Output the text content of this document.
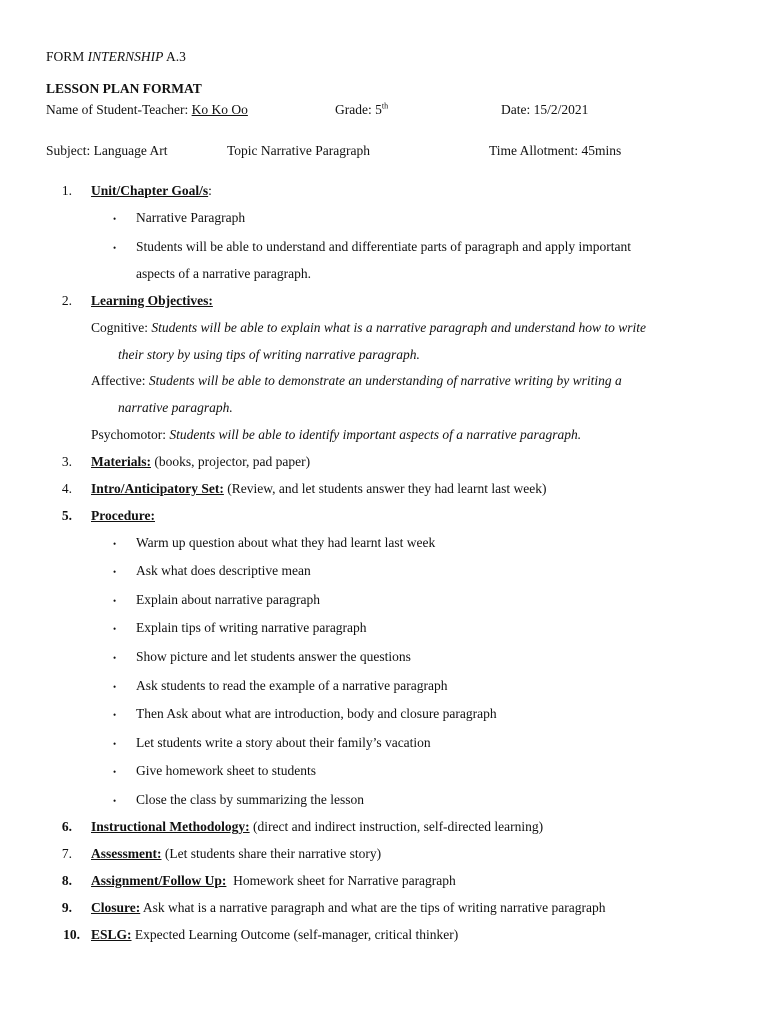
FORM INTERNSHIP A.3
LESSON PLAN FORMAT
Name of Student-Teacher: Ko Ko Oo	Grade: 5th	Date: 15/2/2021
Subject: Language Art	Topic Narrative Paragraph	Time Allotment: 45mins
1. Unit/Chapter Goal/s:
• Narrative Paragraph
• Students will be able to understand and differentiate parts of paragraph and apply important
aspects of a narrative paragraph.
2. Learning Objectives:
Cognitive: Students will be able to explain what is a narrative paragraph and understand how to write
their story by using tips of writing narrative paragraph.
Affective: Students will be able to demonstrate an understanding of narrative writing by writing a
narrative paragraph.
Psychomotor: Students will be able to identify important aspects of a narrative paragraph.
3. Materials: (books, projector, pad paper)
4. Intro/Anticipatory Set: (Review, and let students answer they had learnt last week)
5. Procedure:
• Warm up question about what they had learnt last week
• Ask what does descriptive mean
• Explain about narrative paragraph
• Explain tips of writing narrative paragraph
• Show picture and let students answer the questions
• Ask students to read the example of a narrative paragraph
• Then Ask about what are introduction, body and closure paragraph
• Let students write a story about their family’s vacation
• Give homework sheet to students
• Close the class by summarizing the lesson
6. Instructional Methodology: (direct and indirect instruction, self-directed learning)
7. Assessment: (Let students share their narrative story)
8. Assignment/Follow Up:  Homework sheet for Narrative paragraph
9. Closure: Ask what is a narrative paragraph and what are the tips of writing narrative paragraph
10. ESLG: Expected Learning Outcome (self-manager, critical thinker)
